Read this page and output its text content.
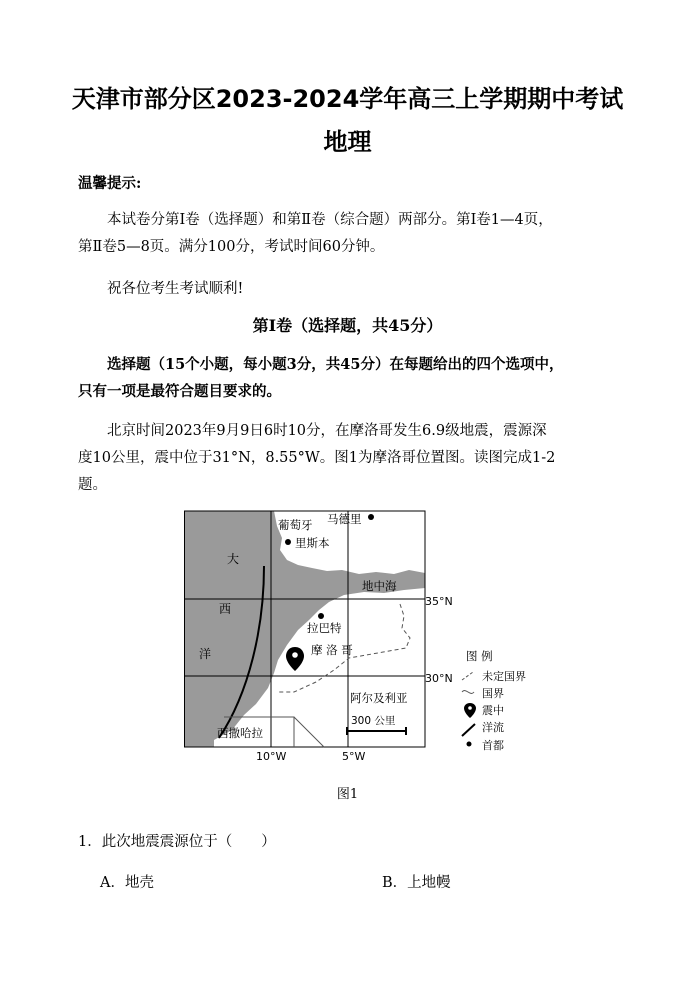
天津市部分区2023-2024学年高三上学期期中考试
地理
温馨提示:
本试卷分第Ⅰ卷（选择题）和第Ⅱ卷（综合题）两部分。第Ⅰ卷1—4页，
第Ⅱ卷5—8页。满分100分，考试时间60分钟。
祝各位考生考试顺利!
第Ⅰ卷（选择题，共45分）
选择题（15个小题，每小题3分，共45分）在每题给出的四个选项中，
只有一项是最符合题目要求的。
北京时间2023年9月9日6时10分，在摩洛哥发生6.9级地震，震源深
度10公里，震中位于31°N，8.55°W。图1为摩洛哥位置图。读图完成1-2
题。
大
西
洋
葡萄牙 马德里
里斯本
地中海
拉巴特
摩 洛 哥
阿尔及利亚
西撒哈拉
300 公里
35°N
30°N
10°W	5°W
图 例
未定国界
国界
震中
洋流
首都
图1
1．此次地震震源位于（　　）
A．地壳	B．上地幔
